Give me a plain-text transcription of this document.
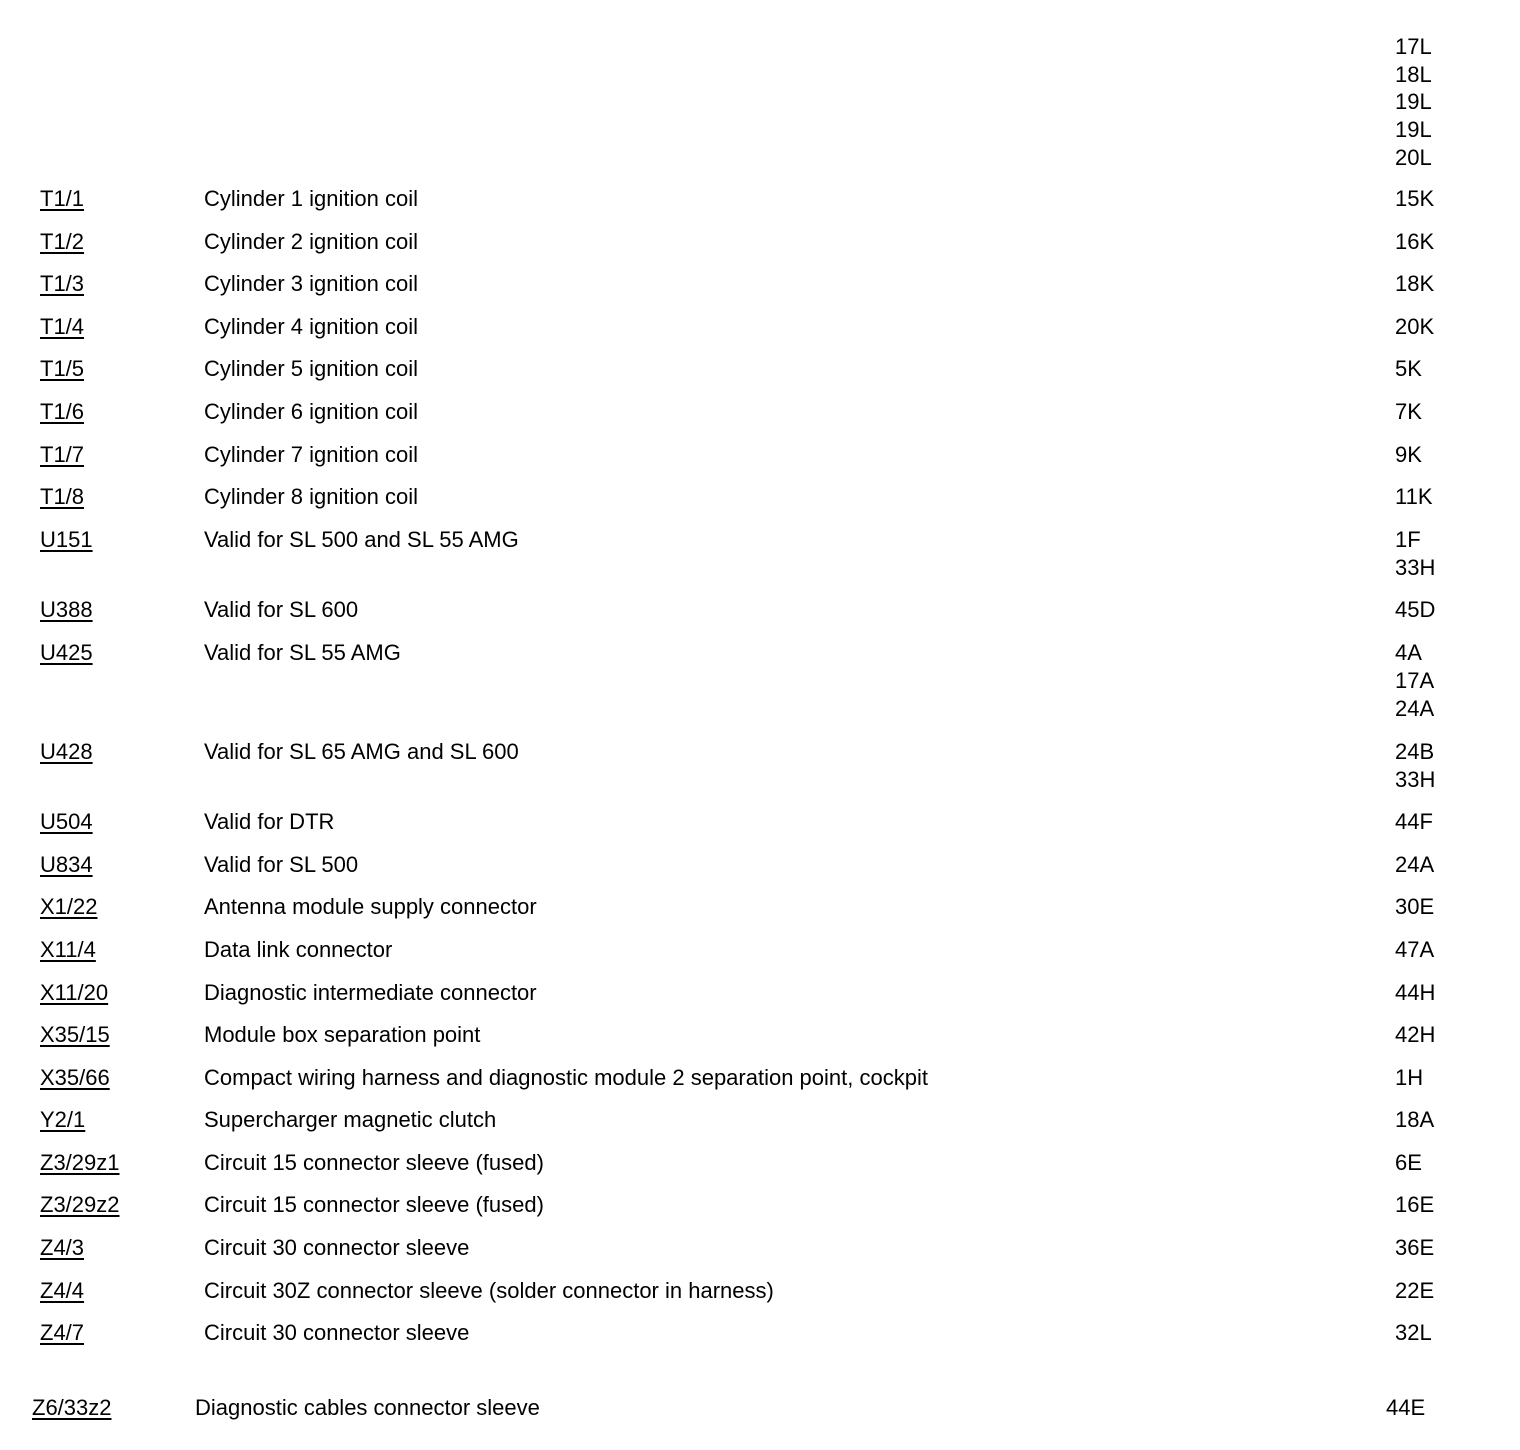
17L
18L
19L
19L
20L
T1/1	Cylinder 1 ignition coil	15K
T1/2	Cylinder 2 ignition coil	16K
T1/3	Cylinder 3 ignition coil	18K
T1/4	Cylinder 4 ignition coil	20K
T1/5	Cylinder 5 ignition coil	5K
T1/6	Cylinder 6 ignition coil	7K
T1/7	Cylinder 7 ignition coil	9K
T1/8	Cylinder 8 ignition coil	11K
U151	Valid for SL 500 and SL 55 AMG	1F
33H
U388	Valid for SL 600	45D
U425	Valid for SL 55 AMG	4A
17A
24A
U428	Valid for SL 65 AMG and SL 600	24B
33H
U504	Valid for DTR	44F
U834	Valid for SL 500	24A
X1/22	Antenna module supply connector	30E
X11/4	Data link connector	47A
X11/20	Diagnostic intermediate connector	44H
X35/15	Module box separation point	42H
X35/66	Compact wiring harness and diagnostic module 2 separation point, cockpit	1H
Y2/1	Supercharger magnetic clutch	18A
Z3/29z1	Circuit 15 connector sleeve (fused)	6E
Z3/29z2	Circuit 15 connector sleeve (fused)	16E
Z4/3	Circuit 30 connector sleeve	36E
Z4/4	Circuit 30Z connector sleeve (solder connector in harness)	22E
Z4/7	Circuit 30 connector sleeve	32L
Z6/33z2	Diagnostic cables connector sleeve	44E
